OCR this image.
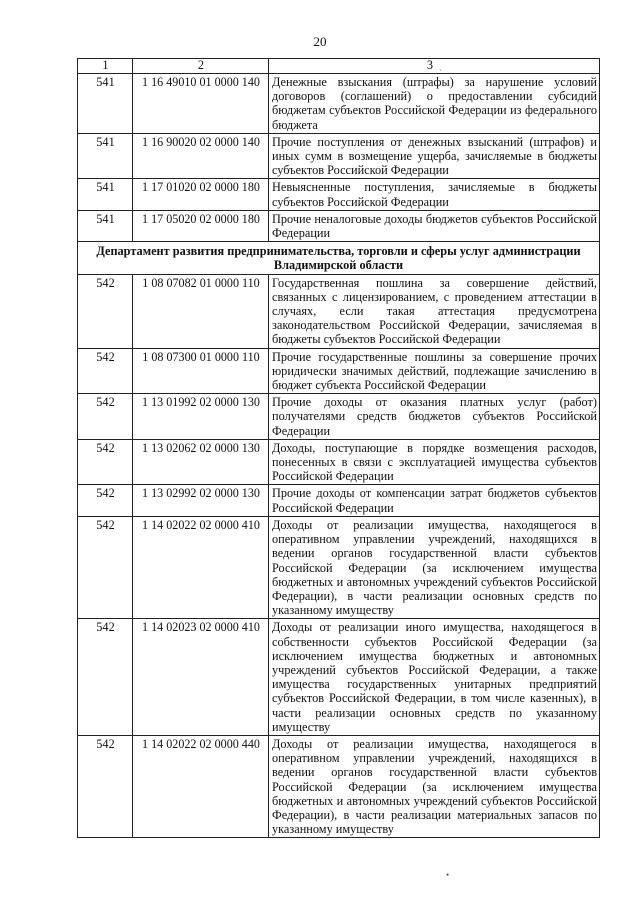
20
1	2	3 ˎ
541	1 16 49010 01 0000 140	Денежные взыскания (штрафы) за нарушение условий договоров (соглашений) о предоставлении субсидий бюджетам субъектов Российской Федерации из федерального бюджета
541	1 16 90020 02 0000 140	Прочие поступления от денежных взысканий (штрафов) и иных сумм в возмещение ущерба, зачисляемые в бюджеты субъектов Российской Федерации
541	1 17 01020 02 0000 180	Невыясненные поступления, зачисляемые в бюджеты субъектов Российской Федерации
541	1 17 05020 02 0000 180	Прочие неналоговые доходы бюджетов субъектов Российской Федерации
Департамент развития предпринимательства, торговли и сферы услуг администрации Владимирской области		
542	1 08 07082 01 0000 110	Государственная пошлина за совершение действий, связанных с лицензированием, с проведением аттестации в случаях, если такая аттестация предусмотрена законодательством Российской Федерации, зачисляемая в бюджеты субъектов Российской Федерации
542	1 08 07300 01 0000 110	Прочие государственные пошлины за совершение прочих юридически значимых действий, подлежащие зачислению в бюджет субъекта Российской Федерации
542	1 13 01992 02 0000 130	Прочие доходы от оказания платных услуг (работ) получателями средств бюджетов субъектов Российской Федерации
542	1 13 02062 02 0000 130	Доходы, поступающие в порядке возмещения расходов, понесенных в связи с эксплуатацией имущества субъектов Российской Федерации
542	1 13 02992 02 0000 130	Прочие доходы от компенсации затрат бюджетов субъектов Российской Федерации
542	1 14 02022 02 0000 410	Доходы от реализации имущества, находящегося в оперативном управлении учреждений, находящихся в ведении органов государственной власти субъектов Российской Федерации (за исключением имущества бюджетных и автономных учреждений субъектов Российской Федерации), в части реализации основных средств по указанному имуществу
542	1 14 02023 02 0000 410	Доходы от реализации иного имущества, находящегося в собственности субъектов Российской Федерации (за исключением имущества бюджетных и автономных учреждений субъектов Российской Федерации, а также имущества государственных унитарных предприятий субъектов Российской Федерации, в том числе казенных), в части реализации основных средств по указанному имуществу
542	1 14 02022 02 0000 440	Доходы от реализации имущества, находящегося в оперативном управлении учреждений, находящихся в ведении органов государственной власти субъектов Российской Федерации (за исключением имущества бюджетных и автономных учреждений субъектов Российской Федерации), в части реализации материальных запасов по указанному имуществу
•
